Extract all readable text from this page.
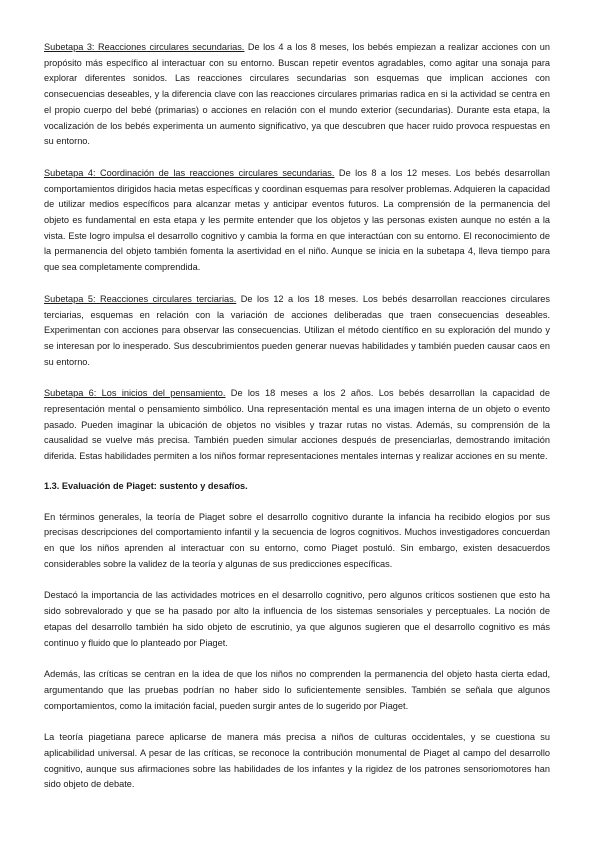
Subetapa 3: Reacciones circulares secundarias. De los 4 a los 8 meses, los bebés empiezan a realizar acciones con un propósito más específico al interactuar con su entorno. Buscan repetir eventos agradables, como agitar una sonaja para explorar diferentes sonidos. Las reacciones circulares secundarias son esquemas que implican acciones con consecuencias deseables, y la diferencia clave con las reacciones circulares primarias radica en si la actividad se centra en el propio cuerpo del bebé (primarias) o acciones en relación con el mundo exterior (secundarias). Durante esta etapa, la vocalización de los bebés experimenta un aumento significativo, ya que descubren que hacer ruido provoca respuestas en su entorno.

Subetapa 4: Coordinación de las reacciones circulares secundarias. De los 8 a los 12 meses. Los bebés desarrollan comportamientos dirigidos hacia metas específicas y coordinan esquemas para resolver problemas. Adquieren la capacidad de utilizar medios específicos para alcanzar metas y anticipar eventos futuros. La comprensión de la permanencia del objeto es fundamental en esta etapa y les permite entender que los objetos y las personas existen aunque no estén a la vista. Este logro impulsa el desarrollo cognitivo y cambia la forma en que interactúan con su entorno. El reconocimiento de la permanencia del objeto también fomenta la asertividad en el niño. Aunque se inicia en la subetapa 4, lleva tiempo para que sea completamente comprendida.

Subetapa 5: Reacciones circulares terciarias. De los 12 a los 18 meses. Los bebés desarrollan reacciones circulares terciarias, esquemas en relación con la variación de acciones deliberadas que traen consecuencias deseables. Experimentan con acciones para observar las consecuencias. Utilizan el método científico en su exploración del mundo y se interesan por lo inesperado. Sus descubrimientos pueden generar nuevas habilidades y también pueden causar caos en su entorno.

Subetapa 6: Los inicios del pensamiento. De los 18 meses a los 2 años. Los bebés desarrollan la capacidad de representación mental o pensamiento simbólico. Una representación mental es una imagen interna de un objeto o evento pasado. Pueden imaginar la ubicación de objetos no visibles y trazar rutas no vistas. Además, su comprensión de la causalidad se vuelve más precisa. También pueden simular acciones después de presenciarlas, demostrando imitación diferida. Estas habilidades permiten a los niños formar representaciones mentales internas y realizar acciones en su mente.

1.3. Evaluación de Piaget: sustento y desafíos.

En términos generales, la teoría de Piaget sobre el desarrollo cognitivo durante la infancia ha recibido elogios por sus precisas descripciones del comportamiento infantil y la secuencia de logros cognitivos. Muchos investigadores concuerdan en que los niños aprenden al interactuar con su entorno, como Piaget postuló. Sin embargo, existen desacuerdos considerables sobre la validez de la teoría y algunas de sus predicciones específicas.

Destacó la importancia de las actividades motrices en el desarrollo cognitivo, pero algunos críticos sostienen que esto ha sido sobrevalorado y que se ha pasado por alto la influencia de los sistemas sensoriales y perceptuales. La noción de etapas del desarrollo también ha sido objeto de escrutinio, ya que algunos sugieren que el desarrollo cognitivo es más continuo y fluido que lo planteado por Piaget.

Además, las críticas se centran en la idea de que los niños no comprenden la permanencia del objeto hasta cierta edad, argumentando que las pruebas podrían no haber sido lo suficientemente sensibles. También se señala que algunos comportamientos, como la imitación facial, pueden surgir antes de lo sugerido por Piaget.

La teoría piagetiana parece aplicarse de manera más precisa a niños de culturas occidentales, y se cuestiona su aplicabilidad universal. A pesar de las críticas, se reconoce la contribución monumental de Piaget al campo del desarrollo cognitivo, aunque sus afirmaciones sobre las habilidades de los infantes y la rigidez de los patrones sensoriomotores han sido objeto de debate.
